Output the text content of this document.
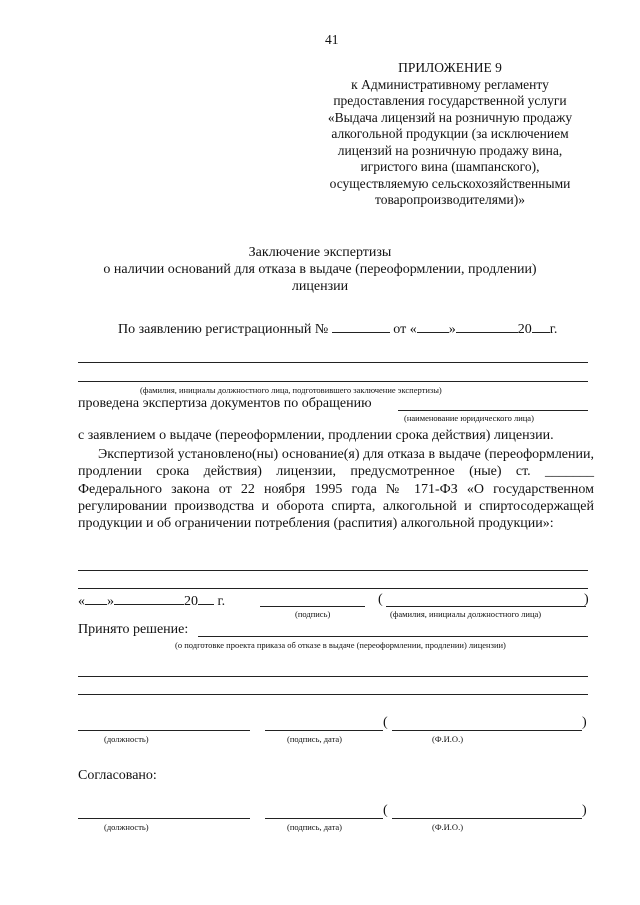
41
ПРИЛОЖЕНИЕ 9
к Административному регламенту
предоставления государственной услуги
«Выдача лицензий на розничную продажу
алкогольной продукции (за исключением
лицензий на розничную продажу вина,
игристого вина (шампанского),
осуществляемую сельскохозяйственными
товаропроизводителями)»
Заключение экспертизы
о наличии оснований для отказа в выдаче (переоформлении, продлении)
лицензии
По заявлению регистрационный №	от « »	20 г.
(фамилия, инициалы должностного лица, подготовившего заключение экспертизы)
проведена экспертиза документов по обращению
(наименование юридического лица)
с заявлением о выдаче (переоформлении, продлении срока действия) лицензии.
Экспертизой установлено(ны) основание(я) для отказа в выдаче (переоформлении, продлении срока действия) лицензии, предусмотренное (ные) ст. _______ Федерального закона от 22 ноября 1995 года № 171-ФЗ «О государственном регулировании производства и оборота спирта, алкогольной и спиртосодержащей продукции и об ограничении потребления (распития) алкогольной продукции»:
« »	20 г.
(подпись)
(	)
(фамилия, инициалы должностного лица)
Принято решение:
(о подготовке проекта приказа об отказе в выдаче (переоформлении, продлении) лицензии)
(	)
(должность)	(подпись, дата)	(Ф.И.О.)
Согласовано:
(	)
(должность)	(подпись, дата)	(Ф.И.О.)
